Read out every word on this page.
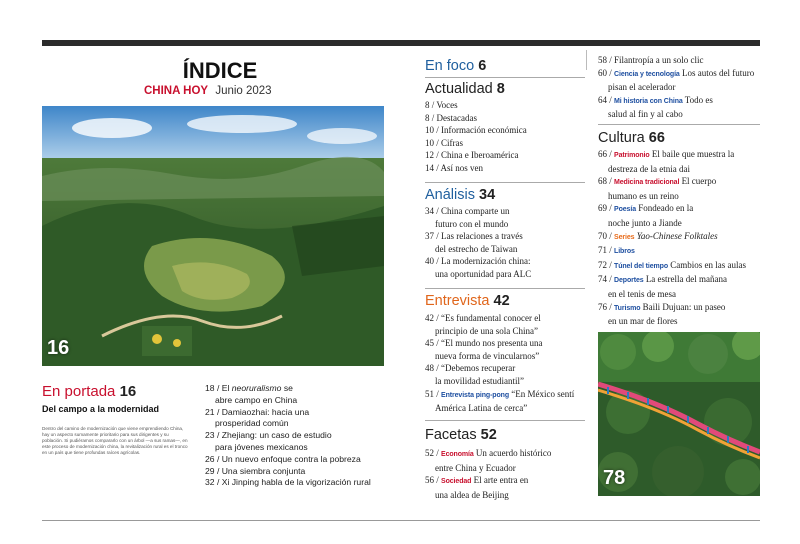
ÍNDICE
CHINA HOY Junio 2023
16
En portada 16
Del campo a la modernidad
Dentro del camino de modernización que viene emprendiendo China, hay un aspecto sumamente prioritario para sus dirigentes y su población. Si pudiéramos compararlo con un árbol —a sus ramas—, en este proceso de modernización china, la revitalización rural es el tronco en un país que tiene profundas raíces agrícolas.
18 / El neoruralismo se
abre campo en China
21 / Damiaozhai: hacia una
prosperidad común
23 / Zhejiang: un caso de estudio
para jóvenes mexicanos
26 / Un nuevo enfoque contra la pobreza
29 / Una siembra conjunta
32 / Xi Jinping habla de la vigorización rural
En foco 6
Actualidad 8
8 / Voces
8 / Destacadas
10 / Información económica
10 / Cifras
12 / China e Iberoamérica
14 / Así nos ven
Análisis 34
34 / China comparte un
futuro con el mundo
37 / Las relaciones a través
del estrecho de Taiwan
40 / La modernización china:
una oportunidad para ALC
Entrevista 42
42 / “Es fundamental conocer el
principio de una sola China”
45 / “El mundo nos presenta una
nueva forma de vincularnos”
48 / “Debemos recuperar
la movilidad estudiantil”
51 / Entrevista ping-pong “En México sentí
América Latina de cerca”
Facetas 52
52 / Economía Un acuerdo histórico
entre China y Ecuador
56 / Sociedad El arte entra en
una aldea de Beijing
58 / Filantropía a un solo clic
60 / Ciencia y tecnología Los autos del futuro
pisan el acelerador
64 / Mi historia con China Todo es
salud al fin y al cabo
Cultura 66
66 / Patrimonio El baile que muestra la
destreza de la etnia dai
68 / Medicina tradicional El cuerpo
humano es un reino
69 / Poesía Fondeado en la
noche junto a Jiande
70 / Series Yao-Chinese Folktales
71 / Libros
72 / Túnel del tiempo Cambios en las aulas
74 / Deportes La estrella del mañana
en el tenis de mesa
76 / Turismo Baili Dujuan: un paseo
en un mar de flores
78
